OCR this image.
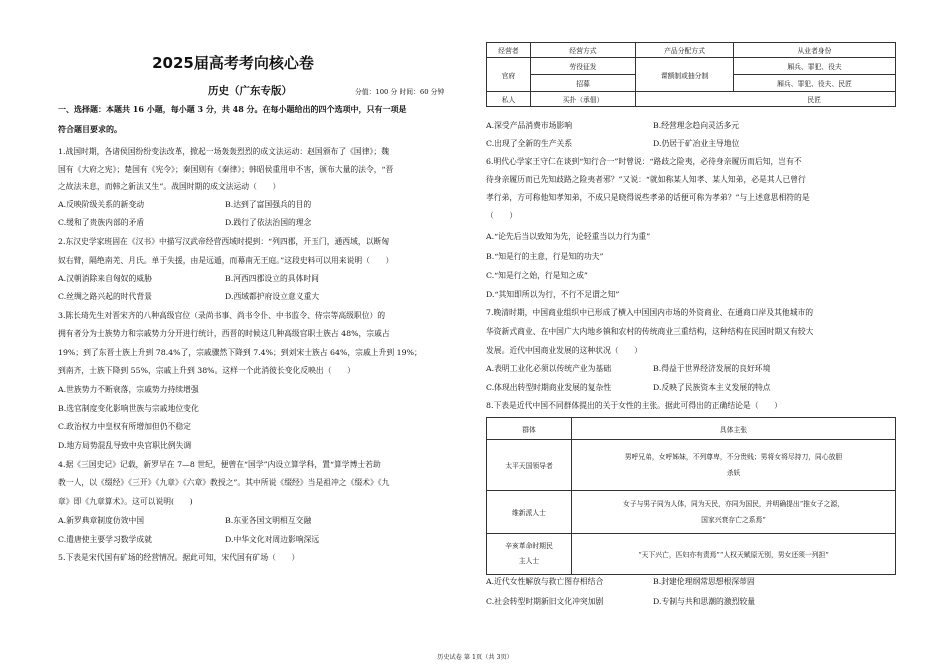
2025届高考考向核心卷
历史（广东专版）	分值：100 分 时间：60 分钟
一、选择题：本题共 16 小题，每小题 3 分，共 48 分。在每小题给出的四个选项中，只有一项是
符合题目要求的。
1.战国时期，各诸侯国纷纷变法改革，掀起一场轰轰烈烈的成文法运动：赵国颁布了《国律》；魏
国有《大府之宪》；楚国有《宪令》；秦国则有《秦律》；韩昭侯重用申不害，颁布大量的法令，“晋
之故法未息，而韩之新法又生”。战国时期的成文法运动（　　）
A.反映阶级关系的新变动	B.达到了富国强兵的目的
C.缓和了贵族内部的矛盾	D.践行了依法治国的理念
2.东汉史学家班固在《汉书》中描写汉武帝经营西域时提到：“列四郡，开玉门，通西域，以断匈
奴右臂，隔绝南羌、月氏。单于失援，由是远遁，而幕南无王庭。”这段史料可以用来说明（　　）
A.汉朝消除来自匈奴的威胁	B.河西四郡设立的具体时间
C.丝绸之路兴起的时代背景	D.西域都护府设立意义重大
3.陈长琦先生对晋宋齐的八种高级官位（录尚书事、尚书令仆、中书监令、侍宗等高级职位）的
拥有者分为士族势力和宗戚势力分开进行统计，西晋的时候这几种高级官职士族占 48%，宗戚占
19%；到了东晋士族上升到 78.4%了，宗戚骤然下降到 7.4%；到刘宋士族占 64%，宗戚上升到 19%；
到南齐，士族下降到 55%，宗戚上升到 38%。这样一个此消彼长变化反映出（　　）
A.世族势力不断衰落，宗戚势力持续增强
B.选官制度变化影响世族与宗戚地位变化
C.政治权力中皇权有所增加但仍不稳定
D.地方局势混乱导致中央官职比例失调
4.据《三国史记》记载，新罗早在 7—8 世纪，便曾在“国学”内设立算学科，置“算学博士若助
教一人，以《缀经》《三开》《九章》《六章》教授之”。其中所说《缀经》当是祖冲之《缀术》《九
章》即《九章算术》。这可以说明(　　)
A.新罗典章制度仿效中国	B.东亚各国文明相互交融
C.遣唐使主要学习数学成就	D.中华文化对周边影响深远
5.下表是宋代国有矿场的经营情况。据此可知，宋代国有矿场（　　）
经营者	经营方式	产品分配方式	从业者身份
官府	劳役征发	课额制或抽分制	厢兵、罪犯、役夫
	招募		厢兵、罪犯、役夫、民匠
私人	买扑（承佃）		民匠
A.深受产品消费市场影响	B.经营理念趋向灵活多元
C.出现了全新的生产关系	D.仍居于矿冶业主导地位
6.明代心学家王守仁在谈到“知行合一”时曾说：“路歧之险夷，必待身亲履历而后知，岂有不
待身亲履历而已先知歧路之险夷者邪？”又说：“就如称某人知孝、某人知弟，必是其人已曾行
孝行弟，方可称他知孝知弟，不成只是晓得说些孝弟的话便可称为孝弟？”与上述意思相符的是
（　　）
A.“论先后当以致知为先，论轻重当以力行为重”
B.“知是行的主意，行是知的功夫”
C.“知是行之始，行是知之成”
D.“其知即所以为行，不行不足谓之知”
7.晚清时期，中国商业组织中已形成了横入中国国内市场的外资商业、在通商口岸及其他城市的
华资新式商业、在中国广大内地乡镇和农村的传统商业三重结构，这种结构在民国时期又有较大
发展。近代中国商业发展的这种状况（　　）
A.表明工业化必须以传统产业为基础	B.得益于世界经济发展的良好环境
C.体现出转型时期商业发展的复杂性	D.反映了民族资本主义发展的特点
8.下表是近代中国不同群体提出的关于女性的主张。据此可得出的正确结论是（　　）
群体	具体主张
太平天国领导者	男呼兄弟，女呼姊妹，不列尊卑，不分贵贱；男将女将尽持刀，同心放胆
杀妖

维新派人士	女子与男子同为人体，同为天民，亦同为国民，并明确提出“推女子之源，
国家兴衰存亡之系焉”

辛亥革命时期民
主人士	“天下兴亡，匹妇亦有责焉”“人权天赋原无别，男女还须一列担”
A.近代女性解放与救亡图存相结合	B.封建伦理纲常思想根深蒂固
C.社会转型时期新旧文化冲突加剧	D.专制与共和思潮的激烈较量
历史试卷 第 1页（共 3页）
